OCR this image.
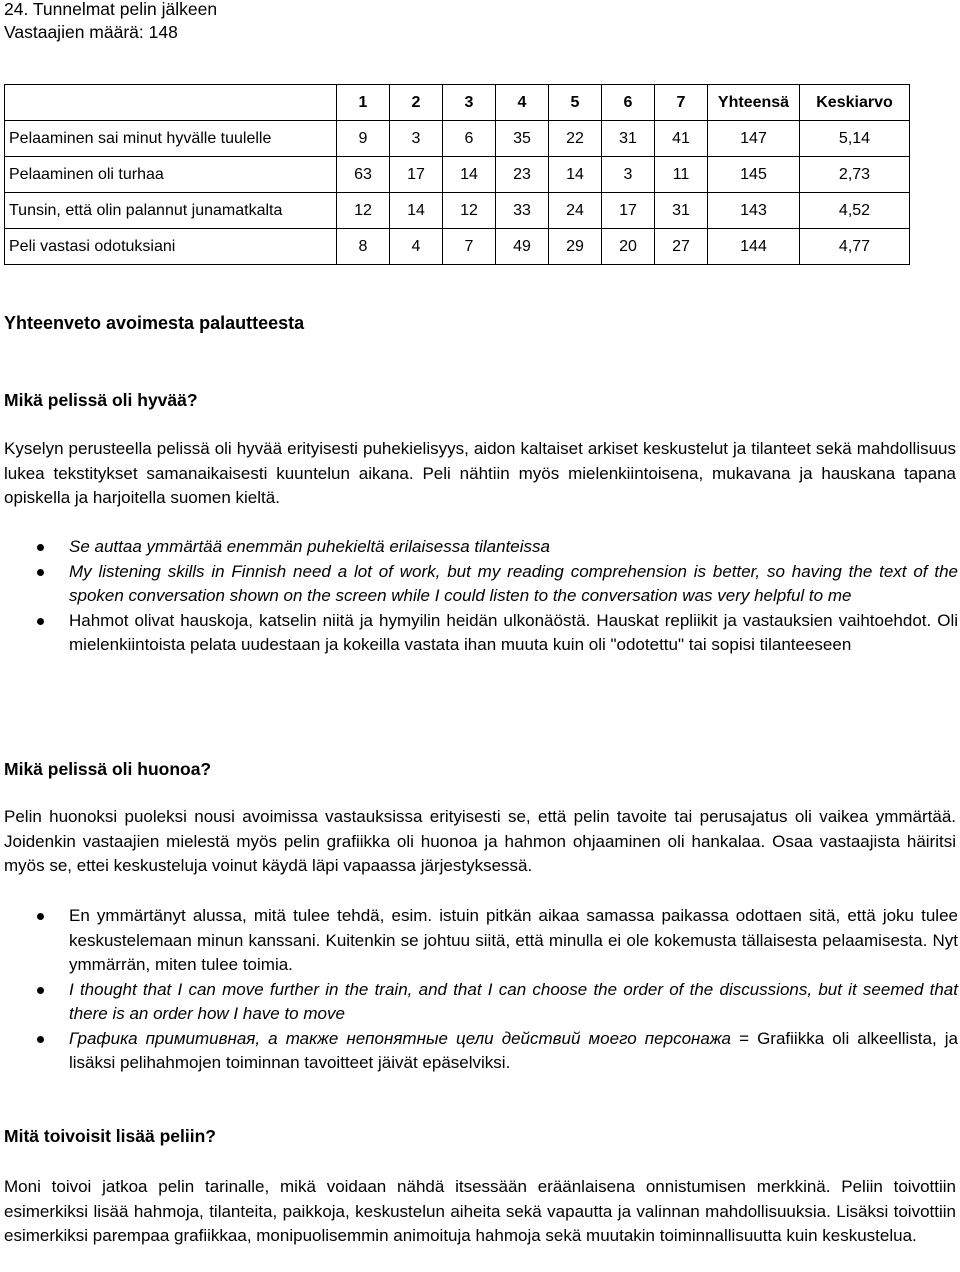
24. Tunnelmat pelin jälkeen
Vastaajien määrä: 148
	1	2	3	4	5	6	7	Yhteensä	Keskiarvo
Pelaaminen sai minut hyvälle tuulelle	9	3	6	35	22	31	41	147	5,14
Pelaaminen oli turhaa	63	17	14	23	14	3	11	145	2,73
Tunsin, että olin palannut junamatkalta	12	14	12	33	24	17	31	143	4,52
Peli vastasi odotuksiani	8	4	7	49	29	20	27	144	4,77
Yhteenveto avoimesta palautteesta
Mikä pelissä oli hyvää?
Kyselyn perusteella pelissä oli hyvää erityisesti puhekielisyys, aidon kaltaiset arkiset keskustelut ja tilanteet sekä mahdollisuus lukea tekstitykset samanaikaisesti kuuntelun aikana. Peli nähtiin myös mielenkiintoisena, mukavana ja hauskana tapana opiskella ja harjoitella suomen kieltä.
Se auttaa ymmärtää enemmän puhekieltä erilaisessa tilanteissa
My listening skills in Finnish need a lot of work, but my reading comprehension is better, so having the text of the spoken conversation shown on the screen while I could listen to the conversation was very helpful to me
Hahmot olivat hauskoja, katselin niitä ja hymyilin heidän ulkonäöstä. Hauskat repliikit ja vastauksien vaihtoehdot. Oli mielenkiintoista pelata uudestaan ja kokeilla vastata ihan muuta kuin oli "odotettu" tai sopisi tilanteeseen
Mikä pelissä oli huonoa?
Pelin huonoksi puoleksi nousi avoimissa vastauksissa erityisesti se, että pelin tavoite tai perusajatus oli vaikea ymmärtää. Joidenkin vastaajien mielestä myös pelin grafiikka oli huonoa ja hahmon ohjaaminen oli hankalaa. Osaa vastaajista häiritsi myös se, ettei keskusteluja voinut käydä läpi vapaassa järjestyksessä.
En ymmärtänyt alussa, mitä tulee tehdä, esim. istuin pitkän aikaa samassa paikassa odottaen sitä, että joku tulee keskustelemaan minun kanssani. Kuitenkin se johtuu siitä, että minulla ei ole kokemusta tällaisesta pelaamisesta. Nyt ymmärrän, miten tulee toimia.
I thought that I can move further in the train, and that I can choose the order of the discussions, but it seemed that there is an order how I have to move
Графика примитивная, а также непонятныe цели действий моего персонажа = Grafiikka oli alkeellista, ja lisäksi pelihahmojen toiminnan tavoitteet jäivät epäselviksi.
Mitä toivoisit lisää peliin?
Moni toivoi jatkoa pelin tarinalle, mikä voidaan nähdä itsessään eräänlaisena onnistumisen merkkinä. Peliin toivottiin esimerkiksi lisää hahmoja, tilanteita, paikkoja, keskustelun aiheita sekä vapautta ja valinnan mahdollisuuksia. Lisäksi toivottiin esimerkiksi parempaa grafiikkaa, monipuolisemmin animoituja hahmoja sekä muutakin toiminnallisuutta kuin keskustelua.
